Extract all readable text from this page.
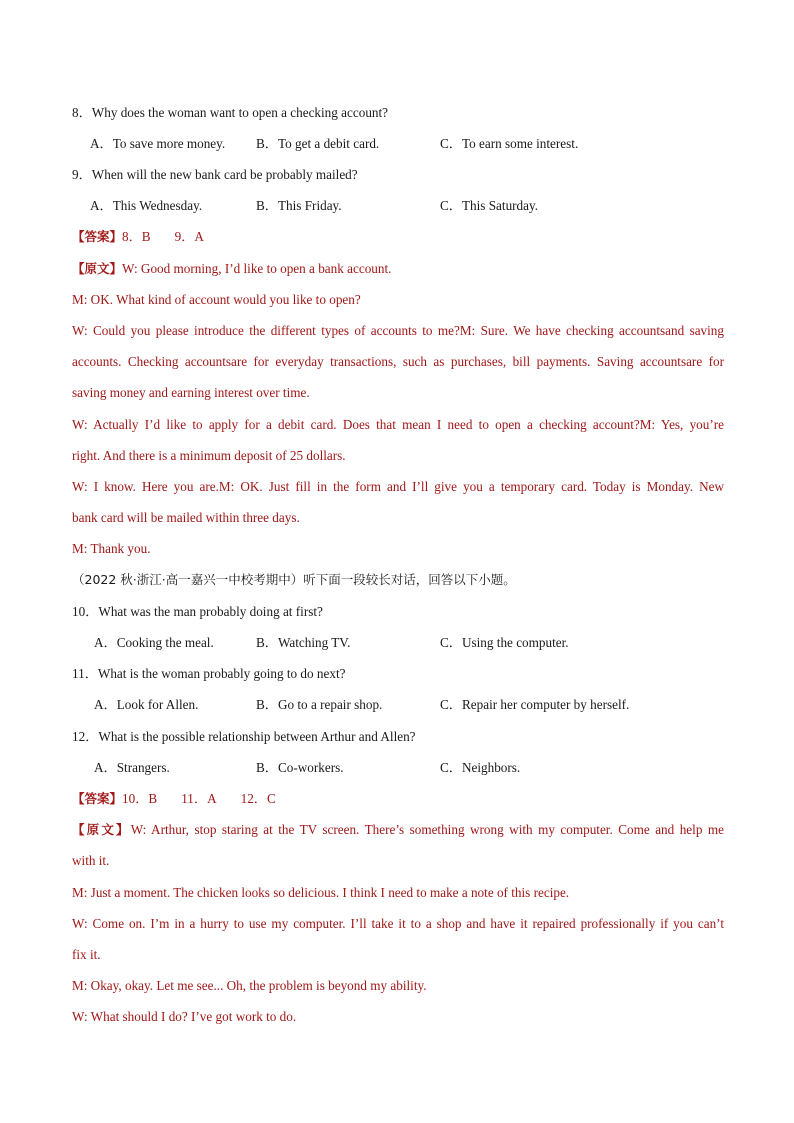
8．Why does the woman want to open a checking account?
A．To save more money. B．To get a debit card.	C．To earn some interest.
9．When will the new bank card be probably mailed?
A．This Wednesday.	B．This Friday.	C．This Saturday.
【答案】8．B 9．A
【原文】W: Good morning, I’d like to open a bank account.
M: OK. What kind of account would you like to open?
W: Could you please introduce the different types of accounts to me?M: Sure. We have checking accountsand saving
accounts. Checking accountsare for everyday transactions, such as purchases, bill payments. Saving accountsare for
saving money and earning interest over time.
W: Actually I’d like to apply for a debit card. Does that mean I need to open a checking account?M: Yes, you’re
right. And there is a minimum deposit of 25 dollars.
W: I know. Here you are.M: OK. Just fill in the form and I’ll give you a temporary card. Today is Monday. New
bank card will be mailed within three days.
M: Thank you.
（2022 秋·浙江·高一嘉兴一中校考期中）听下面一段较长对话，回答以下小题。
10．What was the man probably doing at first?
A．Cooking the meal.	B．Watching TV.	C．Using the computer.
11．What is the woman probably going to do next?
A．Look for Allen.	B．Go to a repair shop.	C．Repair her computer by herself.
12．What is the possible relationship between Arthur and Allen?
A．Strangers.	B．Co-workers.	C．Neighbors.
【答案】10．B 11．A 12．C
【原文】W: Arthur, stop staring at the TV screen. There’s something wrong with my computer. Come and help me
with it.
M: Just a moment. The chicken looks so delicious. I think I need to make a note of this recipe.
W: Come on. I’m in a hurry to use my computer. I’ll take it to a shop and have it repaired professionally if you can’t
fix it.
M: Okay, okay. Let me see... Oh, the problem is beyond my ability.
W: What should I do? I’ve got work to do.
